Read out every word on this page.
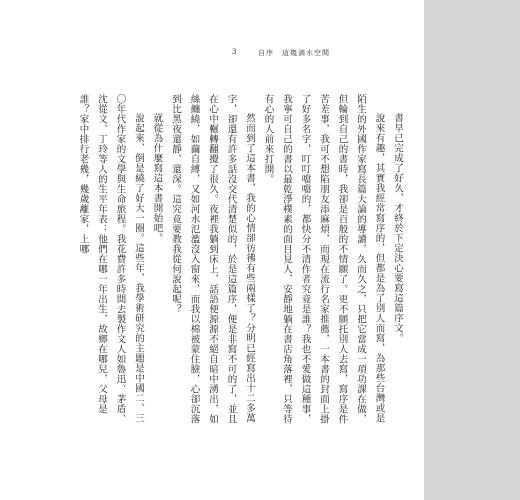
3	自序　這幾滴水空間

書早已完成了好久，才終於下定決心要寫這篇序文。

說來有趣，其實我經常寫序的，但都是為了別人而寫，為那些台灣或是陌生的外國作家寫長篇大論的導讀，久而久之，只把它當成一項功課在做，但輪到自己的書時，我卻是百般的不情願了。更不願托別人去寫，寫序是件苦差事，我可不想陷朋友添麻煩，而現在流行名家推薦，一本書的封面上掛了好多名字，叮叮噹噹的，都快分不清作者究竟是誰？我也不愛做這種事，我寧可自己的書以最乾淨樸素的面目見人，安靜地躺在書店角落裡，只等待有心的人前來打開。

然而到了這本書，我的心情卻彷彿有些兩樣了？分明已經寫出十二多萬字，卻還有許多話沒交代清楚似的，於是這篇序，便是非寫不可的了，並且在心中輾轉翻攪了很久。夜裡我躺到床上，話語便源源不絕自暗中湧出，如絲纏繞，如繭自縛，又如河水氾濫沒入窗來，而我以棉被蒙住臉，心卻沉落到比黑夜還靜、還深。這究竟要教我從何說起呢？

就從為什麼寫這本書開始吧。

說起來，倒是繞了好大一圈。這些年，我學術研究的主題是中國二、三〇年代作家的文學與生命旅程。我花費許多時間去製作文人如魯迅、茅盾、沈從文、丁玲等人的生平年表：他們在哪一年出生，故鄉在哪兒，父母是誰？家中排行老幾，幾歲離家，上哪
